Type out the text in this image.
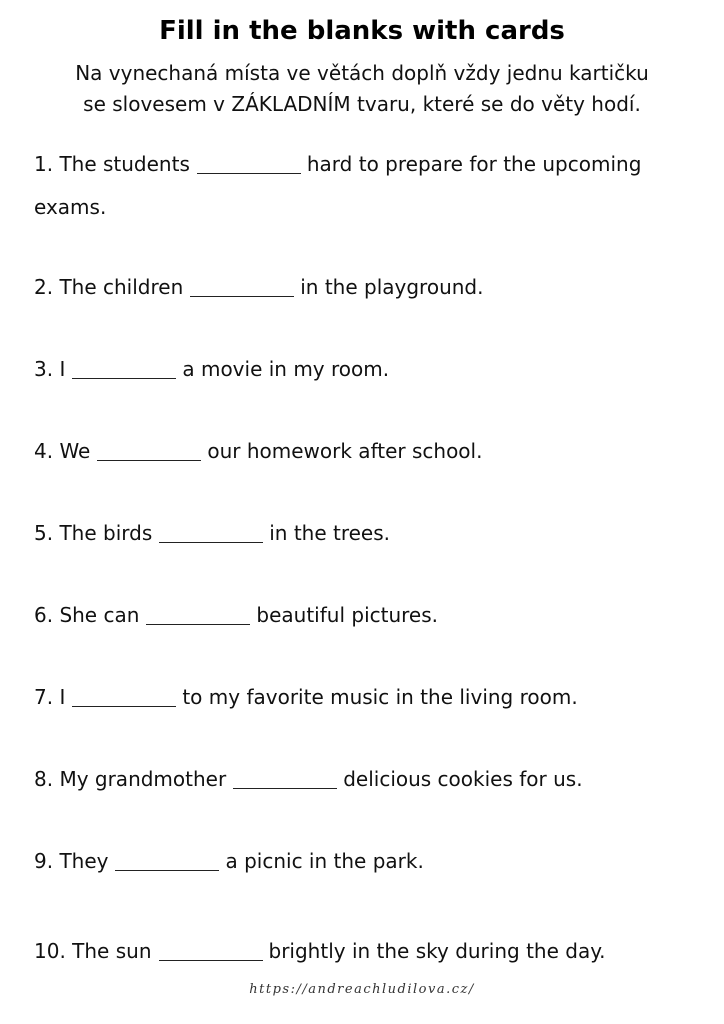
Fill in the blanks with cards
Na vynechaná místa ve větách doplň vždy jednu kartičku
se slovesem v ZÁKLADNÍM tvaru, které se do věty hodí.
1. The students	hard to prepare for the upcoming exams.
2. The children	in the playground.
3. I	a movie in my room.
4. We	our homework after school.
5. The birds	in the trees.
6. She can	beautiful pictures.
7. I	to my favorite music in the living room.
8. My grandmother	delicious cookies for us.
9. They	a picnic in the park.
10. The sun	brightly in the sky during the day.
https://andreachludilova.cz/
